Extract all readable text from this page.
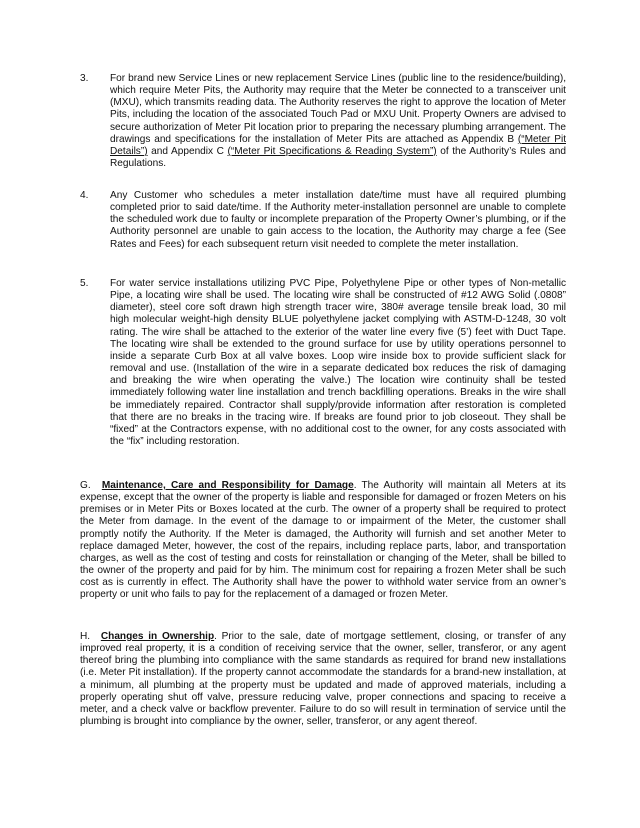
3. For brand new Service Lines or new replacement Service Lines (public line to the residence/building), which require Meter Pits, the Authority may require that the Meter be connected to a transceiver unit (MXU), which transmits reading data. The Authority reserves the right to approve the location of Meter Pits, including the location of the associated Touch Pad or MXU Unit. Property Owners are advised to secure authorization of Meter Pit location prior to preparing the necessary plumbing arrangement. The drawings and specifications for the installation of Meter Pits are attached as Appendix B (“Meter Pit Details”) and Appendix C (“Meter Pit Specifications & Reading System”) of the Authority’s Rules and Regulations.
4. Any Customer who schedules a meter installation date/time must have all required plumbing completed prior to said date/time. If the Authority meter-installation personnel are unable to complete the scheduled work due to faulty or incomplete preparation of the Property Owner’s plumbing, or if the Authority personnel are unable to gain access to the location, the Authority may charge a fee (See Rates and Fees) for each subsequent return visit needed to complete the meter installation.
5. For water service installations utilizing PVC Pipe, Polyethylene Pipe or other types of Non-metallic Pipe, a locating wire shall be used. The locating wire shall be constructed of #12 AWG Solid (.0808” diameter), steel core soft drawn high strength tracer wire, 380# average tensile break load, 30 mil high molecular weight-high density BLUE polyethylene jacket complying with ASTM-D-1248, 30 volt rating. The wire shall be attached to the exterior of the water line every five (5’) feet with Duct Tape. The locating wire shall be extended to the ground surface for use by utility operations personnel to inside a separate Curb Box at all valve boxes. Loop wire inside box to provide sufficient slack for removal and use. (Installation of the wire in a separate dedicated box reduces the risk of damaging and breaking the wire when operating the valve.) The location wire continuity shall be tested immediately following water line installation and trench backfilling operations. Breaks in the wire shall be immediately repaired. Contractor shall supply/provide information after restoration is completed that there are no breaks in the tracing wire. If breaks are found prior to job closeout. They shall be “fixed” at the Contractors expense, with no additional cost to the owner, for any costs associated with the “fix” including restoration.
G. Maintenance, Care and Responsibility for Damage. The Authority will maintain all Meters at its expense, except that the owner of the property is liable and responsible for damaged or frozen Meters on his premises or in Meter Pits or Boxes located at the curb. The owner of a property shall be required to protect the Meter from damage. In the event of the damage to or impairment of the Meter, the customer shall promptly notify the Authority. If the Meter is damaged, the Authority will furnish and set another Meter to replace damaged Meter, however, the cost of the repairs, including replace parts, labor, and transportation charges, as well as the cost of testing and costs for reinstallation or changing of the Meter, shall be billed to the owner of the property and paid for by him. The minimum cost for repairing a frozen Meter shall be such cost as is currently in effect. The Authority shall have the power to withhold water service from an owner’s property or unit who fails to pay for the replacement of a damaged or frozen Meter.
H. Changes in Ownership. Prior to the sale, date of mortgage settlement, closing, or transfer of any improved real property, it is a condition of receiving service that the owner, seller, transferor, or any agent thereof bring the plumbing into compliance with the same standards as required for brand new installations (i.e. Meter Pit installation). If the property cannot accommodate the standards for a brand-new installation, at a minimum, all plumbing at the property must be updated and made of approved materials, including a properly operating shut off valve, pressure reducing valve, proper connections and spacing to receive a meter, and a check valve or backflow preventer. Failure to do so will result in termination of service until the plumbing is brought into compliance by the owner, seller, transferor, or any agent thereof.
